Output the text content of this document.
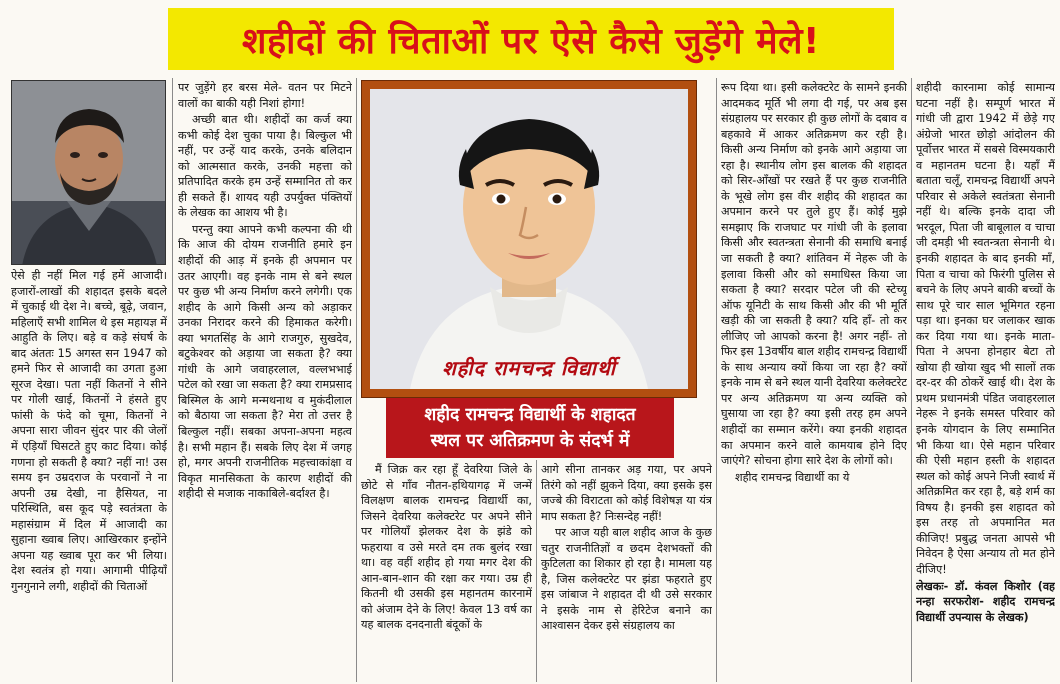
शहीदों की चिताओं पर ऐसे कैसे जुड़ेंगे मेले!

ऐसे ही नहीं मिल गई हमें आजादी। हजारों-लाखों की शहादत इसके बदले में चुकाई थी देश ने। बच्चे, बूढ़े, जवान, महिलाएँ सभी शामिल थे इस महायज्ञ में आहुति के लिए। बड़े व कड़े संघर्ष के बाद अंततः 15 अगस्त सन 1947 को हमने फिर से आजादी का उगता हुआ सूरज देखा। पता नहीं कितनों ने सीने पर गोली खाई, कितनों ने हंसते हुए फांसी के फंदे को चूमा, कितनों ने अपना सारा जीवन सुंदर पार की जेलों में एड़ियाँ घिसटते हुए काट दिया। कोई गणना हो सकती है क्या? नहीं ना! उस समय इन उम्रदराज के परवानों ने ना अपनी उम्र देखी, ना हैसियत, ना परिस्थिति, बस कूद पड़े स्वतंत्रता के महासंग्राम में दिल में आजादी का सुहाना ख्वाब लिए। आखिरकार इन्होंने अपना यह ख्वाब पूरा कर भी लिया। देश स्वतंत्र हो गया। आगामी पीढ़ियाँ गुनगुनाने लगी, शहीदों की चिताओं

पर जुड़ेंगे हर बरस मेले- वतन पर मिटने वालों का बाकी यही निशां होगा!

अच्छी बात थी। शहीदों का कर्ज क्या कभी कोई देश चुका पाया है। बिल्कुल भी नहीं, पर उन्हें याद करके, उनके बलिदान को आत्मसात करके, उनकी महत्ता को प्रतिपादित करके हम उन्हें सम्मानित तो कर ही सकते हैं। शायद यही उपर्युक्त पंक्तियों के लेखक का आशय भी है।

परन्तु क्या आपने कभी कल्पना की थी कि आज की दोयम राजनीति हमारे इन शहीदों की आड़ में इनके ही अपमान पर उतर आएगी। वह इनके नाम से बने स्थल पर कुछ भी अन्य निर्माण करने लगेगी। एक शहीद के आगे किसी अन्य को अड़ाकर उनका निरादर करने की हिमाकत करेगी। क्या भगतसिंह के आगे राजगुरु, सुखदेव, बटुकेश्वर को अड़ाया जा सकता है? क्या गांधी के आगे जवाहरलाल, वल्लभभाई पटेल को रखा जा सकता है? क्या रामप्रसाद बिस्मिल के आगे मन्मथनाथ व मुकंदीलाल को बैठाया जा सकता है? मेरा तो उत्तर है बिल्कुल नहीं। सबका अपना-अपना महत्व है। सभी महान हैं। सबके लिए देश में जगह हो, मगर अपनी राजनीतिक महत्त्वाकांक्षा व विकृत मानसिकता के कारण शहीदों की शहीदी से मजाक नाकाबिले-बर्दाश्त है।

शहीद रामचन्द्र विद्यार्थी
शहीद रामचन्द्र विद्यार्थी के शहादत
स्थल पर अतिक्रमण के संदर्भ में

मैं जिक्र कर रहा हूँ देवरिया जिले के छोटे से गाँव नौतन-हथियागढ़ में जन्में विलक्षण बालक रामचन्द्र विद्यार्थी का, जिसने देवरिया कलेक्टरेट पर अपने सीने पर गोलियाँ झेलकर देश के झंडे को फहराया व उसे मरते दम तक बुलंद रखा था। वह वहीं शहीद हो गया मगर देश की आन-बान-शान की रक्षा कर गया। उम्र ही कितनी थी उसकी इस महानतम कारनामें को अंजाम देने के लिए! केवल 13 वर्ष का यह बालक दनदनाती बंदूकों के

आगे सीना तानकर अड़ गया, पर अपने तिरंगे को नहीं झुकने दिया, क्या इसके इस जज्बे की विराटता को कोई विशेषज्ञ या यंत्र माप सकता है? निःसन्देह नहीं!

पर आज यही बाल शहीद आज के कुछ चतुर राजनीतिज्ञों व छदम देशभक्तों की कुटिलता का शिकार हो रहा है। मामला यह है, जिस कलेक्टरेट पर झंडा फहराते हुए इस जांबाज ने शहादत दी थी उसे सरकार ने इसके नाम से हेरिटेज बनाने का आश्वासन देकर इसे संग्रहालय का

रूप दिया था। इसी कलेक्टरेट के सामने इनकी आदमकद मूर्ति भी लगा दी गई, पर अब इस संग्रहालय पर सरकार ही कुछ लोगों के दबाव व बहकावे में आकर अतिक्रमण कर रही है। किसी अन्य निर्माण को इनके आगे अड़ाया जा रहा है। स्थानीय लोग इस बालक की शहादत को सिर-आँखों पर रखते हैं पर कुछ राजनीति के भूखे लोग इस वीर शहीद की शहादत का अपमान करने पर तुले हुए हैं। कोई मुझे समझाए कि राजघाट पर गांधी जी के इलावा किसी और स्वतन्त्रता सेनानी की समाधि बनाई जा सकती है क्या? शांतिवन में नेहरू जी के इलावा किसी और को समाधिस्त किया जा सकता है क्या? सरदार पटेल जी की स्टेच्यू ऑफ यूनिटी के साथ किसी और की भी मूर्ति खड़ी की जा सकती है क्या? यदि हाँ- तो कर लीजिए जो आपको करना है! अगर नहीं- तो फिर इस 13वर्षीय बाल शहीद रामचन्द्र विद्यार्थी के साथ अन्याय क्यों किया जा रहा है? क्यों इनके नाम से बने स्थल यानी देवरिया कलेक्टरेट पर अन्य अतिक्रमण या अन्य व्यक्ति को घुसाया जा रहा है? क्या इसी तरह हम अपने शहीदों का सम्मान करेंगे। क्या इनकी शहादत का अपमान करने वाले कामयाब होने दिए जाएंगे? सोचना होगा सारे देश के लोगों को।

शहीद रामचन्द्र विद्यार्थी का ये

शहीदी कारनामा कोई सामान्य घटना नहीं है। सम्पूर्ण भारत में गांधी जी द्वारा 1942 में छेड़े गए अंग्रेजो भारत छोड़ो आंदोलन की पूर्वोत्तर भारत में सबसे विस्मयकारी व महानतम घटना है। यहाँ मैं बताता चलूँ, रामचन्द्र विद्यार्थी अपने परिवार से अकेले स्वतंत्रता सेनानी नहीं थे। बल्कि इनके दादा जी भरदूल, पिता जी बाबूलाल व चाचा जी दमड़ी भी स्वतन्त्रता सेनानी थे। इनकी शहादत के बाद इनकी माँ, पिता व चाचा को फिरंगी पुलिस से बचने के लिए अपने बाकी बच्चों के साथ पूरे चार साल भूमिगत रहना पड़ा था। इनका घर जलाकर खाक कर दिया गया था। इनके माता-पिता ने अपना होनहार बेटा तो खोया ही खोया खुद भी सालों तक दर-दर की ठोकरें खाई थी। देश के प्रथम प्रधानमंत्री पंडित जवाहरलाल नेहरू ने इनके समस्त परिवार को इनके योगदान के लिए सम्मानित भी किया था। ऐसे महान परिवार की ऐसी महान हस्ती के शहादत स्थल को कोई अपने निजी स्वार्थ में अतिक्रमित कर रहा है, बड़े शर्म का विषय है। इनकी इस शहादत को इस तरह तो अपमानित मत कीजिए! प्रबुद्ध जनता आपसे भी निवेदन है ऐसा अन्याय तो मत होने दीजिए!

लेखकः- डॉ. कंवल किशोर (वह नन्हा सरफरोश- शहीद रामचन्द्र विद्यार्थी उपन्यास के लेखक)
